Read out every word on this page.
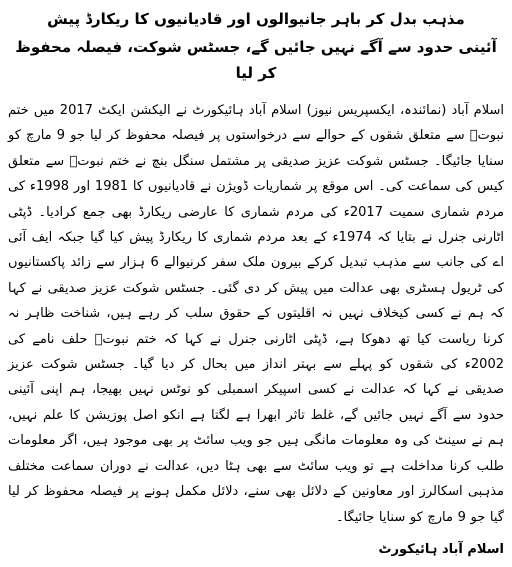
مذہب بدل کر باہر جانیوالوں اور قادیانیوں کا ریکارڈ پیش
آئینی حدود سے آگے نہیں جائیں گے، جسٹس شوکت، فیصلہ محفوظ کر لیا

اسلام آباد (نمائندہ، ایکسپریس نیوز) اسلام آباد ہائیکورٹ نے الیکشن ایکٹ 2017 میں ختم نبوتؐ سے متعلق شقوں کے حوالے سے درخواستوں پر فیصلہ محفوظ کر لیا جو 9 مارچ کو سنایا جائیگا۔ جسٹس شوکت عزیز صدیقی پر مشتمل سنگل بنچ نے ختم نبوتؐ سے متعلق کیس کی سماعت کی۔ اس موقع پر شماریات ڈویژن نے قادیانیوں کا 1981 اور 1998ء کی مردم شماری سمیت 2017ء کی مردم شماری کا عارضی ریکارڈ بھی جمع کرادیا۔ ڈپٹی اٹارنی جنرل نے بتایا کہ 1974ء کے بعد مردم شماری کا ریکارڈ پیش کیا گیا جبکہ ایف آئی اے کی جانب سے مذہب تبدیل کرکے بیرون ملک سفر کرنیوالے 6 ہزار سے زائد پاکستانیوں کی ٹریول ہسٹری بھی عدالت میں پیش کر دی گئی۔ جسٹس شوکت عزیز صدیقی نے کہا کہ ہم نے کسی کیخلاف نہیں نہ اقلیتوں کے حقوق سلب کر رہے ہیں، شناخت ظاہر نہ کرنا ریاست کیا تھ دھوکا ہے، ڈپٹی اٹارنی جنرل نے کہا کہ ختم نبوتؐ حلف نامے کی 2002ء کی شقوں کو پہلے سے بہتر انداز میں بحال کر دیا گیا۔ جسٹس شوکت عزیز صدیقی نے کہا کہ عدالت نے کسی اسپیکر اسمبلی کو نوٹس نہیں بھیجا، ہم اپنی آئینی حدود سے آگے نہیں جائیں گے، غلط تاثر ابھرا ہے لگتا ہے انکو اصل پوزیشن کا علم نہیں، ہم نے سینٹ کی وہ معلومات مانگی ہیں جو ویب سائٹ پر بھی موجود ہیں، اگر معلومات طلب کرنا مداخلت ہے تو ویب سائٹ سے بھی ہٹا دیں، عدالت نے دوران سماعت مختلف مذہبی اسکالرز اور معاونین کے دلائل بھی سنے، دلائل مکمل ہونے پر فیصلہ محفوظ کر لیا گیا جو 9 مارچ کو سنایا جائیگا۔

اسلام آباد ہائیکورٹ
